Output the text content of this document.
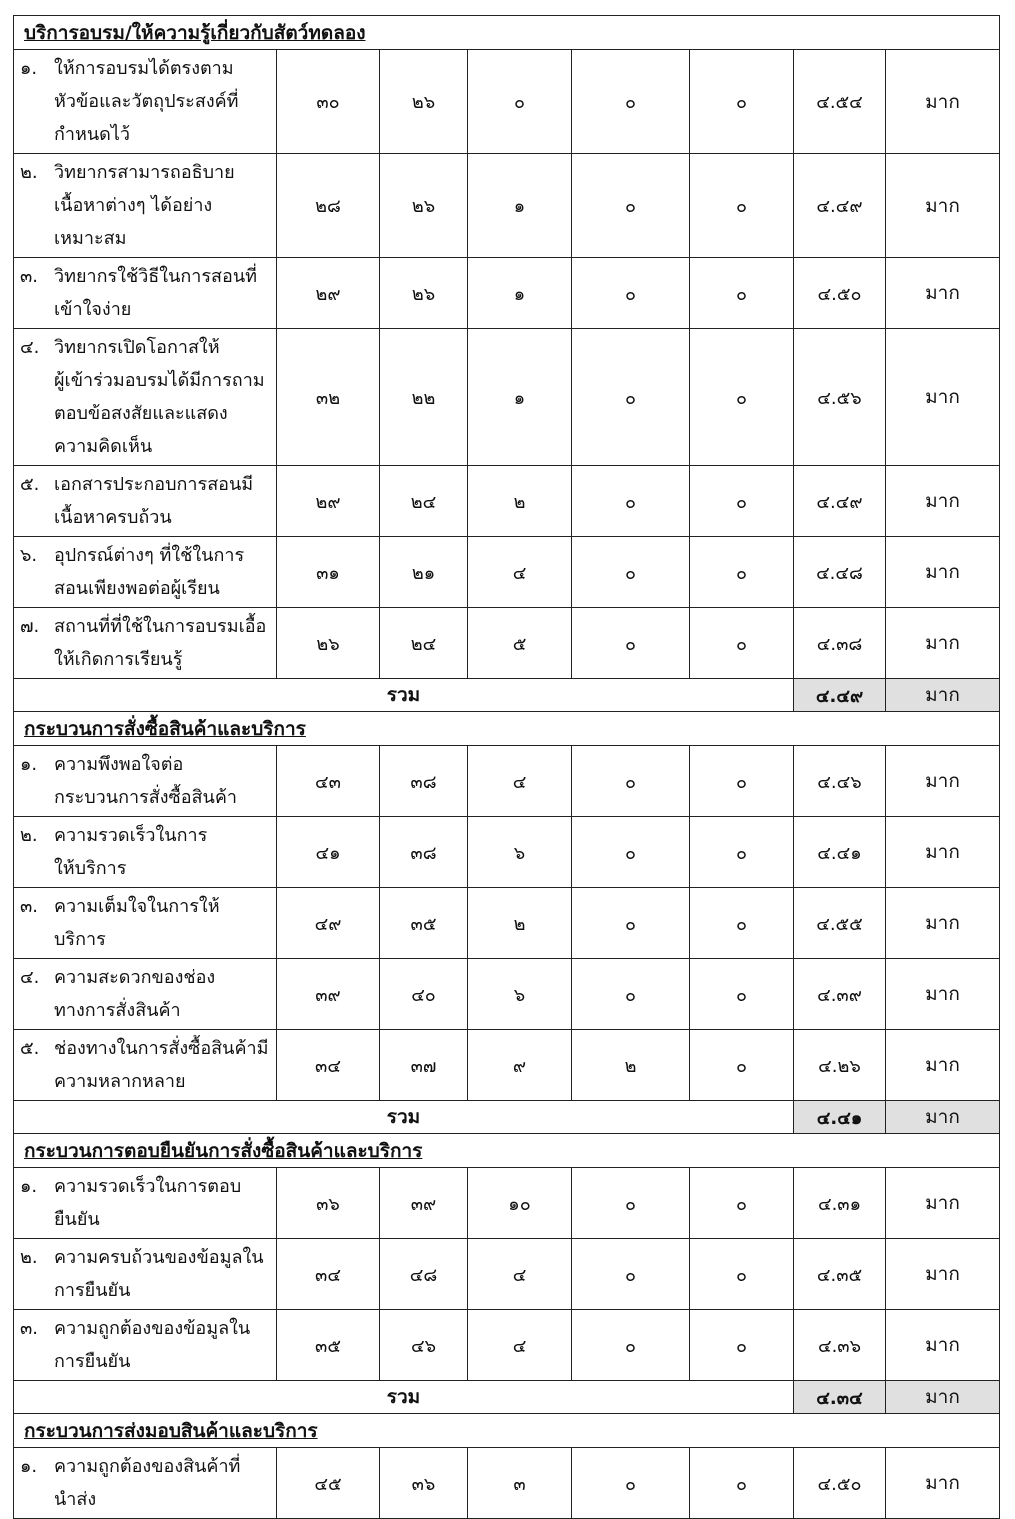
บริการอบรม/ให้ความรู้เกี่ยวกับสัตว์ทดลอง							

๑. ให้การอบรมได้ตรงตาม
หัวข้อและวัตถุประสงค์ที่
กำหนดไว้	๓๐	๒๖	๐	๐	๐	๔.๕๔	มาก

๒. วิทยากรสามารถอธิบาย
เนื้อหาต่างๆ ได้อย่าง
เหมาะสม	๒๘	๒๖	๑	๐	๐	๔.๔๙	มาก

๓. วิทยากรใช้วิธีในการสอนที่
เข้าใจง่าย	๒๙	๒๖	๑	๐	๐	๔.๕๐	มาก

๔. วิทยากรเปิดโอกาสให้
ผู้เข้าร่วมอบรมได้มีการถาม
ตอบข้อสงสัยและแสดง
ความคิดเห็น	๓๒	๒๒	๑	๐	๐	๔.๕๖	มาก

๕. เอกสารประกอบการสอนมี
เนื้อหาครบถ้วน	๒๙	๒๔	๒	๐	๐	๔.๔๙	มาก

๖. อุปกรณ์ต่างๆ ที่ใช้ในการ
สอนเพียงพอต่อผู้เรียน	๓๑	๒๑	๔	๐	๐	๔.๔๘	มาก

๗. สถานที่ที่ใช้ในการอบรมเอื้อ
ให้เกิดการเรียนรู้	๒๖	๒๔	๕	๐	๐	๔.๓๘	มาก
รวม						๔.๔๙	มาก
กระบวนการสั่งซื้อสินค้าและบริการ							

๑. ความพึงพอใจต่อ
กระบวนการสั่งซื้อสินค้า	๔๓	๓๘	๔	๐	๐	๔.๔๖	มาก

๒. ความรวดเร็วในการ
ให้บริการ	๔๑	๓๘	๖	๐	๐	๔.๔๑	มาก

๓. ความเต็มใจในการให้บริการ	๔๙	๓๕	๒	๐	๐	๔.๕๕	มาก

๔. ความสะดวกของช่อง
ทางการสั่งสินค้า	๓๙	๔๐	๖	๐	๐	๔.๓๙	มาก

๕. ช่องทางในการสั่งซื้อสินค้ามี
ความหลากหลาย	๓๔	๓๗	๙	๒	๐	๔.๒๖	มาก
รวม						๔.๔๑	มาก
กระบวนการตอบยืนยันการสั่งซื้อสินค้าและบริการ							

๑. ความรวดเร็วในการตอบ
ยืนยัน	๓๖	๓๙	๑๐	๐	๐	๔.๓๑	มาก

๒. ความครบถ้วนของข้อมูลใน
การยืนยัน	๓๔	๔๘	๔	๐	๐	๔.๓๕	มาก

๓. ความถูกต้องของข้อมูลใน
การยืนยัน	๓๕	๔๖	๔	๐	๐	๔.๓๖	มาก
รวม						๔.๓๔	มาก
กระบวนการส่งมอบสินค้าและบริการ							

๑. ความถูกต้องของสินค้าที่
นำส่ง	๔๕	๓๖	๓	๐	๐	๔.๕๐	มาก
